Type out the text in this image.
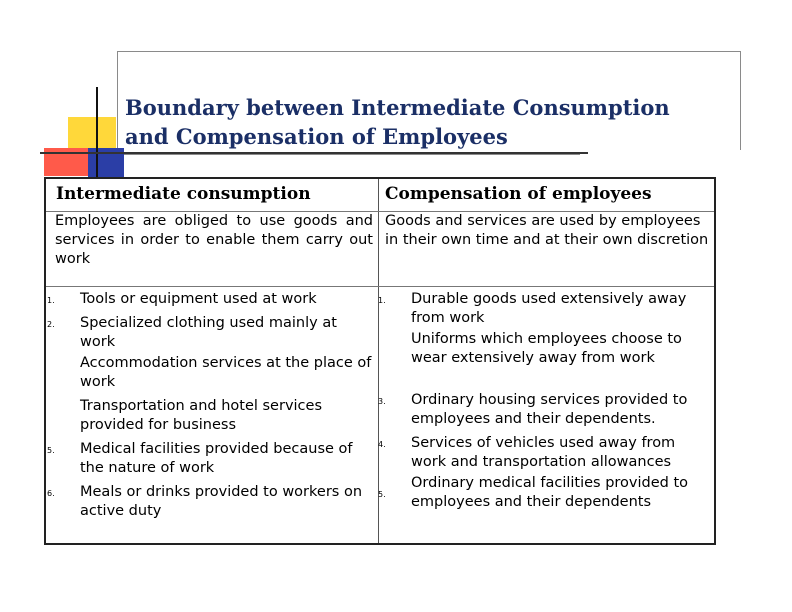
Boundary between Intermediate Consumption
and Compensation of Employees
Intermediate consumption	Compensation of employees
Employees are obliged to use goods and services in order to enable them carry out work
Goods and services are used by employees in their own time and at their own discretion
1. Tools or equipment used at work
2. Specialized clothing used mainly at work
Accommodation services at the place of work
Transportation and hotel services provided for business
5. Medical facilities provided because of the nature of work
6. Meals or drinks provided to workers on active duty
1. Durable goods used extensively away from work
Uniforms which employees choose to wear extensively away from work
3. Ordinary housing services provided to employees and their dependents.
4. Services of vehicles used away from work and transportation allowances
5.
Ordinary medical facilities provided to employees and their dependents
